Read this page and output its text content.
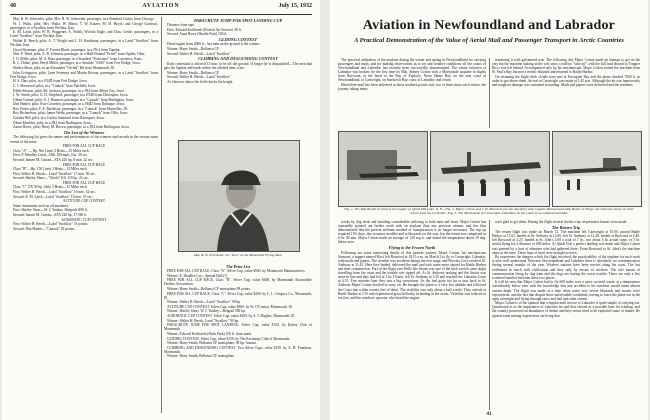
40	AVIATION	July 15, 1932

Maj. R. W. Schroeder, pilot; Mrs. R. W. Schroeder, passenger, in a Standard Curtiss from Chicago.

W. J. Waltz, pilot; Mrs. Waltz, W. Minor, T. W. Kutzer, M. H. Hoyle, and George Garrison, passengers, in a Swallow from Wichita, Kan.

E. M. Laird, pilot; W. R. Waggener, A. Walsh, Wichita Eagle, and Chas. Leslie, passengers, in a Laird "Swallow" from Wichita, Kan.

Walter H. Beech, pilot; A. T. Wright and L. H. Kauffman, passengers, in a Laird "Swallow" from Wichita, Kan.

Lloyd Stearman, pilot; F. Forrest Black, passenger, in a JN-4 from Topeka.

Wm. P. Ward, pilot; A. D. Johnson, passenger, in a Huff-Daland "Petrel" from Ogden, Ohio.

I. O. Riffle, pilot; M. A. Burr, passenger, in a Standard "Foursome" from Lawrence, Kans.

R. L. Dobie, pilot; Beryl Miller, passenger, in a Ansaldo "A300" from Fort Dodge, Iowa.

Shirley Short, pilot, in an Alexander "Orchid" K6 from Monmouth, Ill.

John Livingston, pilot; Lynn Sweeney and Martin Rowan, passengers, in a Laird "Swallow" from Fort Dodge, Iowa.

H. S. Darr, pilot, in a JN4D from Fort Dodge, Iowa.

C. I. Sherwood, pilot, in a "Canuck" from Fairfield, Iowa.

Eddie Stinson, pilot; Ed. Jackson, passenger, in a JN4 from Albert City, Iowa.

J. W. Smith, pilot; G. D. Shepherd, passenger, in a JN4D from Davenport, Iowa.

Glenn Conrad, pilot; A. J. Harmon, passenger in a "Canuck" from Burlington, Iowa.

Don Hunter, pilot; Ewe Crowden, passenger, in a JN4D from Dubuque, Iowa.

Roy Foster, pilot; F. E. Bartleson, passenger, in a "Canuck" from Marseilles, Ill.

Roy Richardson, pilot; James Webb, passenger, in a "Canuck" from Ollie, Iowa.

Gordon Hill, pilot, in a Curtiss Standard from Davenport, Iowa.

Glenn Kimbley, pilot, in a JN4 from Burlington, Iowa.

Aaron Bowe, pilot; Harry M. Brown, passenger, in a JN4 from Burlington, Iowa.

The List of the Winners

The following list gives the names and performances of the winners and records in the various main events of the meet:

FREE FOR ALL CUP RACE

Class "A" — Hp. Not Limit 3 Heats—15 Miles each.

First: F. Hendlee Laird—Hall 100 mph, 4 hr. 26 sec.

Second: Jansen M. Curran—STA 220 hp. 8 min. 22 sec.

FREE FOR ALL CUP RACE

Class "B"—Hp. 150 Limit 3 Heats—15 Miles each.

First: Walter H. Beech—Laird "Swallow" 17 min. 56 sec.

Second: Shirley Short—"Oriole" K6, 110 hp. 22 sec.

FREE FOR ALL CUP RACE

Class "C" OX 90 hp. Only 3 Heats—15 Miles each.

First: Walter H. Beech—Laird "Swallow" 10 min. 52 sec.

Second: E. M. Laird—Laird "Swallow" 10 min. 55 sec.

ALTITUDE CUP CONTEST

Same instrument used on all machines.

First: Shirley Short—W. J. Yankey, Belgrade 890 ft.

Second: Jansen M. Curran—STA 220 hp. 17,560 ft.

ACROBATIC CUP CONTEST

First: Walter H. Beech—Laird "Swallow" 31 points.

Second: Dan Hunter—"Canuck" 29 points.

PARACHUTE JUMP FOR SPOT LANDING CUP

Distance from spot

First: Edward Koldoseth (Portlett Air Service) 48 ft.

Second: Anna Rowe (Hardin Park) 100 ft.

GLIDING CONTEST

Dead engine from 2000 ft., last man on the ground is the winner.

Winner: Harry Smith—Bellanca CF

Second: Walter H. Beech—Laird "Swallow"

CLIMBING AND DESCENDING CONTEST

Each contestant is allowed 15 min. to be off the ground. If longer he is disqualified—The men that gets the highest and lands within the allotted time, wins.

Winner: Harry Smith—Bellanca CF

Second: Walter H. Beech—Laird "Swallow"

As observer above the field checks the height.

Maj. R. W. Schroeder, the "boss" of the Monmouth Flying Meet
The Prize List

FREE FOR ALL CUP RACE, Class "A". Silver Cup, value $500, by Monmouth Manufacturers.

Winner: E. Hendlee Lee—Spread Hall (?)

FREE FOR ALL CUP RACE, Class "B". Silver Cup, value $400, by Monmouth Automobile Dealers Association.

Winner: Harry Smith—Bellanca CF monoplane 99 points.

FREE FOR ALL CUP RACE, Class "C". Silver Cup, value $300, by C. L. Gregory Co., Monmouth, Ill.

Winner: Walter H. Beech—Laird "Swallow" 90 hp.

ALTITUDE CUP CONTEST. Silver Cup, value $300, by W. O'Connor, Monmouth, Ill.

Winner: Shirley Short. W. J. Yankey—Belgrad 300 hp.

ACROBATIC CUP CONTEST. Silver Cup, value $200, by A. J. Hughes, Monmouth, Ill.

Winner: Walter H. Beech, Laird "Swallow" 90 hp.

PARACHUTE JUMP FOR SPOT LANDING. Silver Cup, value $150, by Kobey Club of Monmouth.

Winner: Edward Koldoseth (Sloth Park) 100 ft. from mark.

GLIDING CONTEST. Silver Cup, value $150, by The Exchange Club of Monmouth.

Winner: Harry Smith, Bellanca CF monoplane, 99 hp. Anzani.

CLIMBING AND DESCENDING CONTEST. Two Silver Cups, value $150, by A. H. Frandson, Monmouth.

Winner: Harry Smith, Bellanca CF monoplane.

Aviation in Newfoundland and Labrador
A Practical Demonstration of the Value of Aerial Mail and Passenger Transport in Arctic Countries

The practical utilization of the airplane during the winter and spring in Newfoundland for carrying passengers and mails, and for making observations as to ice and weather conditions off the coasts of Newfoundland and Labrador, has recently been successfully demonstrated. The winter isolation of Labrador was broken for the first time by Maj. Sidney Cotton with a Martynside airplane in flights from Botwood, at the head of the Bay of Exploits, Notre Dame Bay, on the east coast of Newfoundland, to Cartwright, on Sandwich Bay, coast of Labrador, and return.

Heretofore mail has been delivered at those northern points only two or three times each winter, the journey taking many

remaining it with galvanized iron. The following day Major Cotton made an attempt to get on the way but the machine sinking in the soft snow, could no "take off" with the full load aboard so Trapper Ricci was left behind. Accompanied only by his mechanician, Major Cotton started the machine from St. Paul's Bay but met a terrific blizzard and returned to Battle Harbor.

On resuming the flight thick clouds were met at Porcupine Bay and the plane climbed 7000 ft. in order to get above them. Arrival at Cartwright was made at 3.45 p.m. Although the air was humorously and rough no damage was sustained in landing. Mails and papers were delivered and the residents

Fig. 1. The Martinsyde in front of the hangar at Quidi Vidi Lake, N. F.—Fig. 2. Major Cotton and J. H. Bonnevie (on the machine) with Captain Bennett and Alan Butler at Farge, the half-way house on their return from the ice fields—Fig. 3. The Martinsyde at Cartwright, Labrador, on the coast of an isolated Labrador

weeks by dog sleds and entailing considerable suffering to both men and beast. Major Cotton has repeatedly pointed out further north with an airplane than any previous airman, and has thus demonstrated that the present airframe method of transportation is no longer necessary. The trip up required 10½ days, due to minor troubles and to blizzards on the way; but the return was completed in 6 hr. 45 min. Major Cotton made an average of 120 m.p.h. and found the temperature about 10 deg. below zero.

Flying to the Frozen North

Following are some interesting details of this pioneer journey. Major Cotton, his mechanician Sinnoset, a trapper named Ricci left Botwood at 10.15 a.m. on March 3 to fly to Cartwright, Labrador, with mails and papers. The weather was excellent during the first stage, and Flowers Cove reached 10. Anthony at 11.45. Here they landed, delivered the mail and took some more aboard for Battle Harbor and then continued on. Part of the flight over Belle Isle Straits was one of the slick stretch some slight travelling from the coast and the trouble was ripped off. At St. Anthony nothing and the Straits was more in line and they had left at 3 hr. 10 min. left St. Anthony at 3.45 and reached the Labrador Coast at 4.15. Five minutes later they saw a big snowstorm. As the fuel gone too far to turn back to St. Anthony Major Cotton decided to carry on. He brought the plane to a very low altitude and followed the Coast line within twenty feet of them. The visibility was only about a half a mile. They arrived at Battle Harbor at 5.10 and experienced great difficulty in landing in the storm. Visibility was reduced to ten feet, and the windows operator who heard the engine

were glad to get them. During the flight several shelter trips on premises houses were made.

The Return Trip

The return flight was made on March 12. The machine left Cartwright at 10.00, passed Battle Harbor at 11.02, landed at St. Anthony at 12.00, left St. Anthony at 12.40, landed at Botwood at 2.40. left Botwood at 3.25, landed at St. John's 5.00 a total of 7 hr., two about 3 hr. actual stops, or 5 hr. actual flying for a distance of 600 miles. At Quidi Vidi a perfect landing was made and Major Cotton was greeted by a host of admirers who had gathered there. From Botwood to St. John's the machine came at the time. These hops of mail were brought to town.

By experience the dangers which the flight involved, the practicability of the airplane for such work is now well understood. Between Newfoundland and Labrador there is absolutely no communication during several months of the year. Wireless stations have been erected along the coast. The last settlement in touch with civilization and they only by means of wireless. The sole means of communication being by dog train and the dogs are having the worst trouble. There are only a few scattered families between these two places.

It will be seen that Major Cotton had to fly 600 miles over a snow covered waste, at a temperature considerably below zero with the knowledge that any accident to his machine would mean almost certain death. The flight was made at a time when some very severe blizzards and storms were experienced, and the fact that despite these unfavorable conditions, having to leave the plane out in the open overnight and flying through snow and hail and other storms.

Major Cotton is of the opinion that a regular mail service to Labrador is quite simple of carrying out. Questioned as to the importance of Labrador he said that viewed as a possible base for whaling, and the country possessed an abundance of timber and they seems need to be exploited some of timber. He quoted some mining experiences are being that

41
